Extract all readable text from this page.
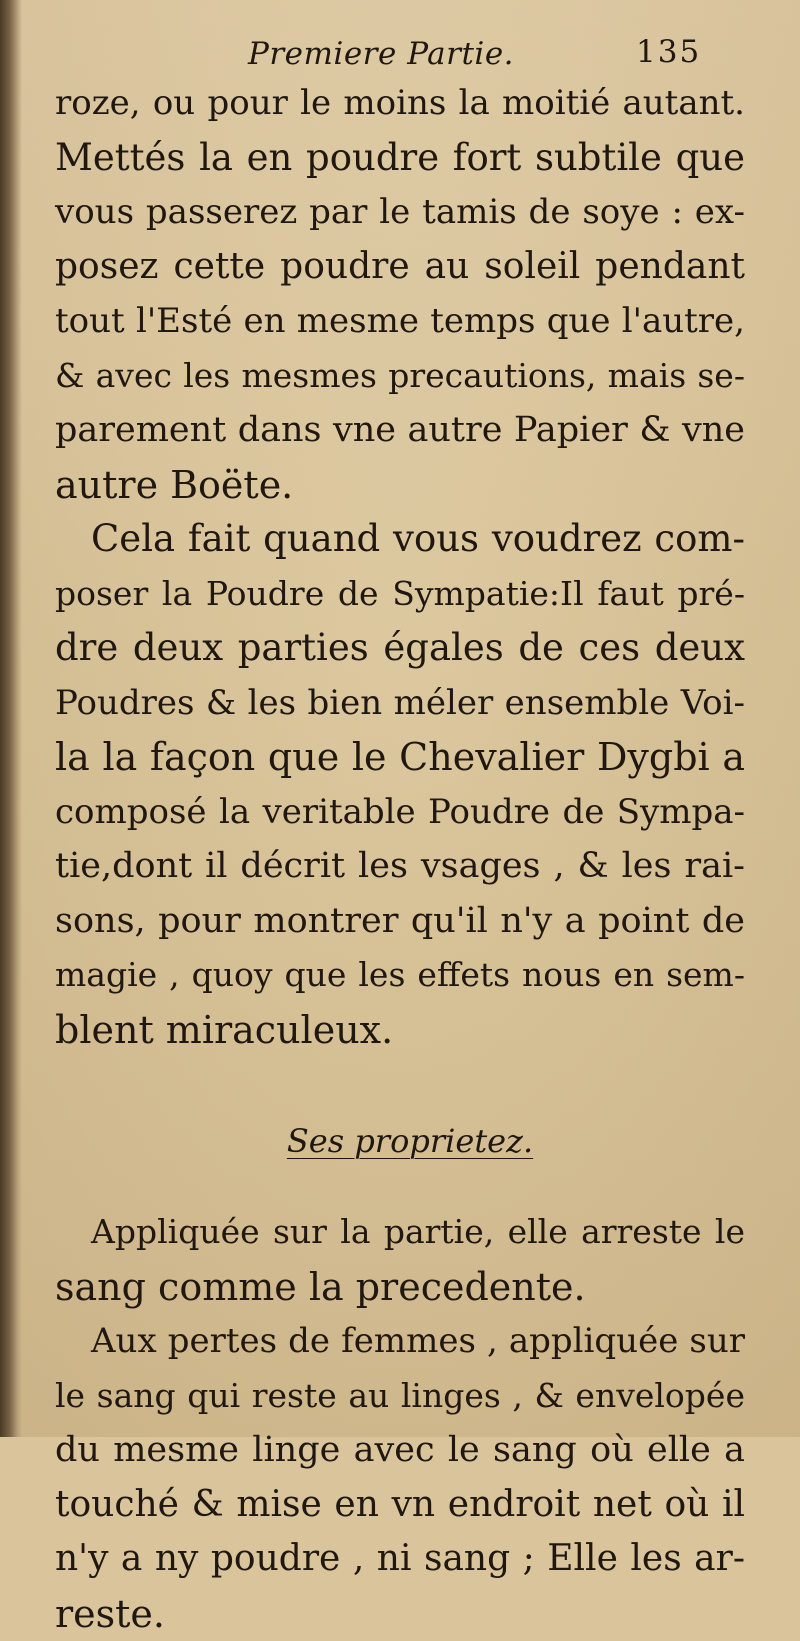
Premiere Partie.	135
roze, ou pour le moins la moitié autant.
Mettés la en poudre fort subtile que
vous passerez par le tamis de soye : ex-
posez cette poudre au soleil pendant
tout l'Esté en mesme temps que l'autre,
& avec les mesmes precautions, mais se-
parement dans vne autre Papier & vne
autre Boëte.
Cela fait quand vous voudrez com-
poser la Poudre de Sympatie:Il faut pré-
dre deux parties égales de ces deux
Poudres & les bien méler ensemble Voi-
la la façon que le Chevalier Dygbi a
composé la veritable Poudre de Sympa-
tie,dont il décrit les vsages , & les rai-
sons, pour montrer qu'il n'y a point de
magie , quoy que les effets nous en sem-
blent miraculeux.
Ses proprietez.
Appliquée sur la partie, elle arreste le
sang comme la precedente.
Aux pertes de femmes , appliquée sur
le sang qui reste au linges , & envelopée
du mesme linge avec le sang où elle a
touché & mise en vn endroit net où il
n'y a ny poudre , ni sang ; Elle les ar-
reste.
